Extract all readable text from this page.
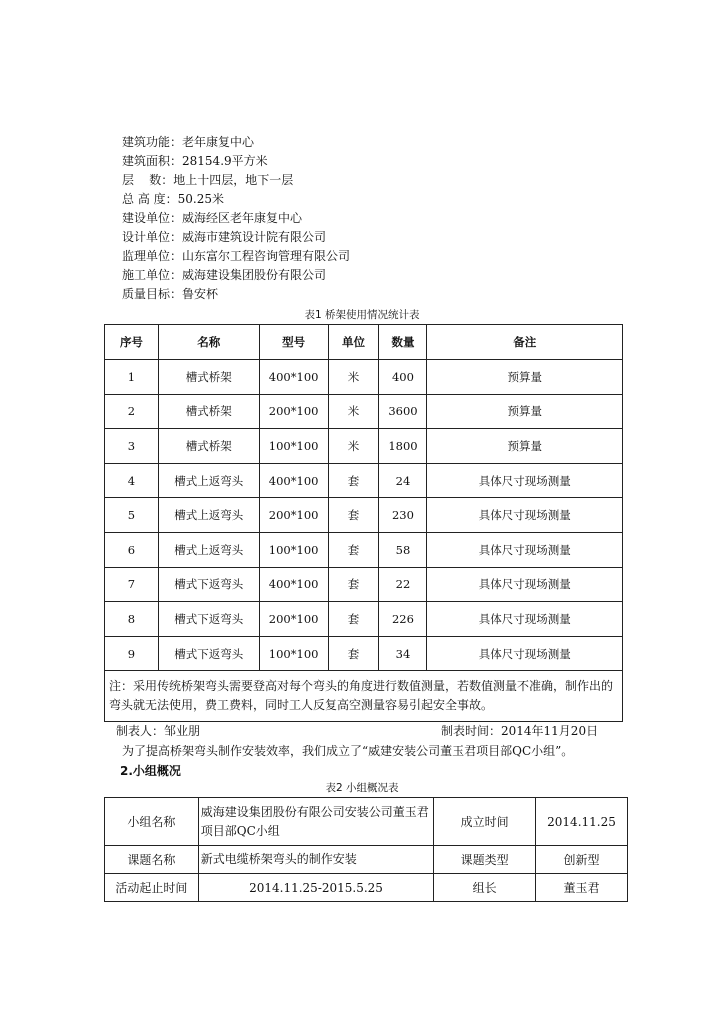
建筑功能：老年康复中心
建筑面积：28154.9平方米
层    数：地上十四层，地下一层
总 高 度：50.25米
建设单位：威海经区老年康复中心
设计单位：威海市建筑设计院有限公司
监理单位：山东富尔工程咨询管理有限公司
施工单位：威海建设集团股份有限公司
质量目标：鲁安杯
表1 桥架使用情况统计表
序号	名称	型号	单位	数量	备注
1	槽式桥架	400*100	米	400	预算量
2	槽式桥架	200*100	米	3600	预算量
3	槽式桥架	100*100	米	1800	预算量
4	槽式上返弯头	400*100	套	24	具体尺寸现场测量
5	槽式上返弯头	200*100	套	230	具体尺寸现场测量
6	槽式上返弯头	100*100	套	58	具体尺寸现场测量
7	槽式下返弯头	400*100	套	22	具体尺寸现场测量
8	槽式下返弯头	200*100	套	226	具体尺寸现场测量
9	槽式下返弯头	100*100	套	34	具体尺寸现场测量
注：采用传统桥架弯头需要登高对每个弯头的角度进行数值测量，若数值测量不准确，制作出的弯头就无法使用，费工费料，同时工人反复高空测量容易引起安全事故。					
制表人：邹业朋	制表时间：2014年11月20日
为了提高桥架弯头制作安装效率，我们成立了“威建安装公司董玉君项目部QC小组”。
2.小组概况
表2 小组概况表
小组名称	威海建设集团股份有限公司安装公司董玉君项目部QC小组	成立时间	2014.11.25
课题名称	新式电缆桥架弯头的制作安装	课题类型	创新型
活动起止时间	2014.11.25-2015.5.25	组长	董玉君
